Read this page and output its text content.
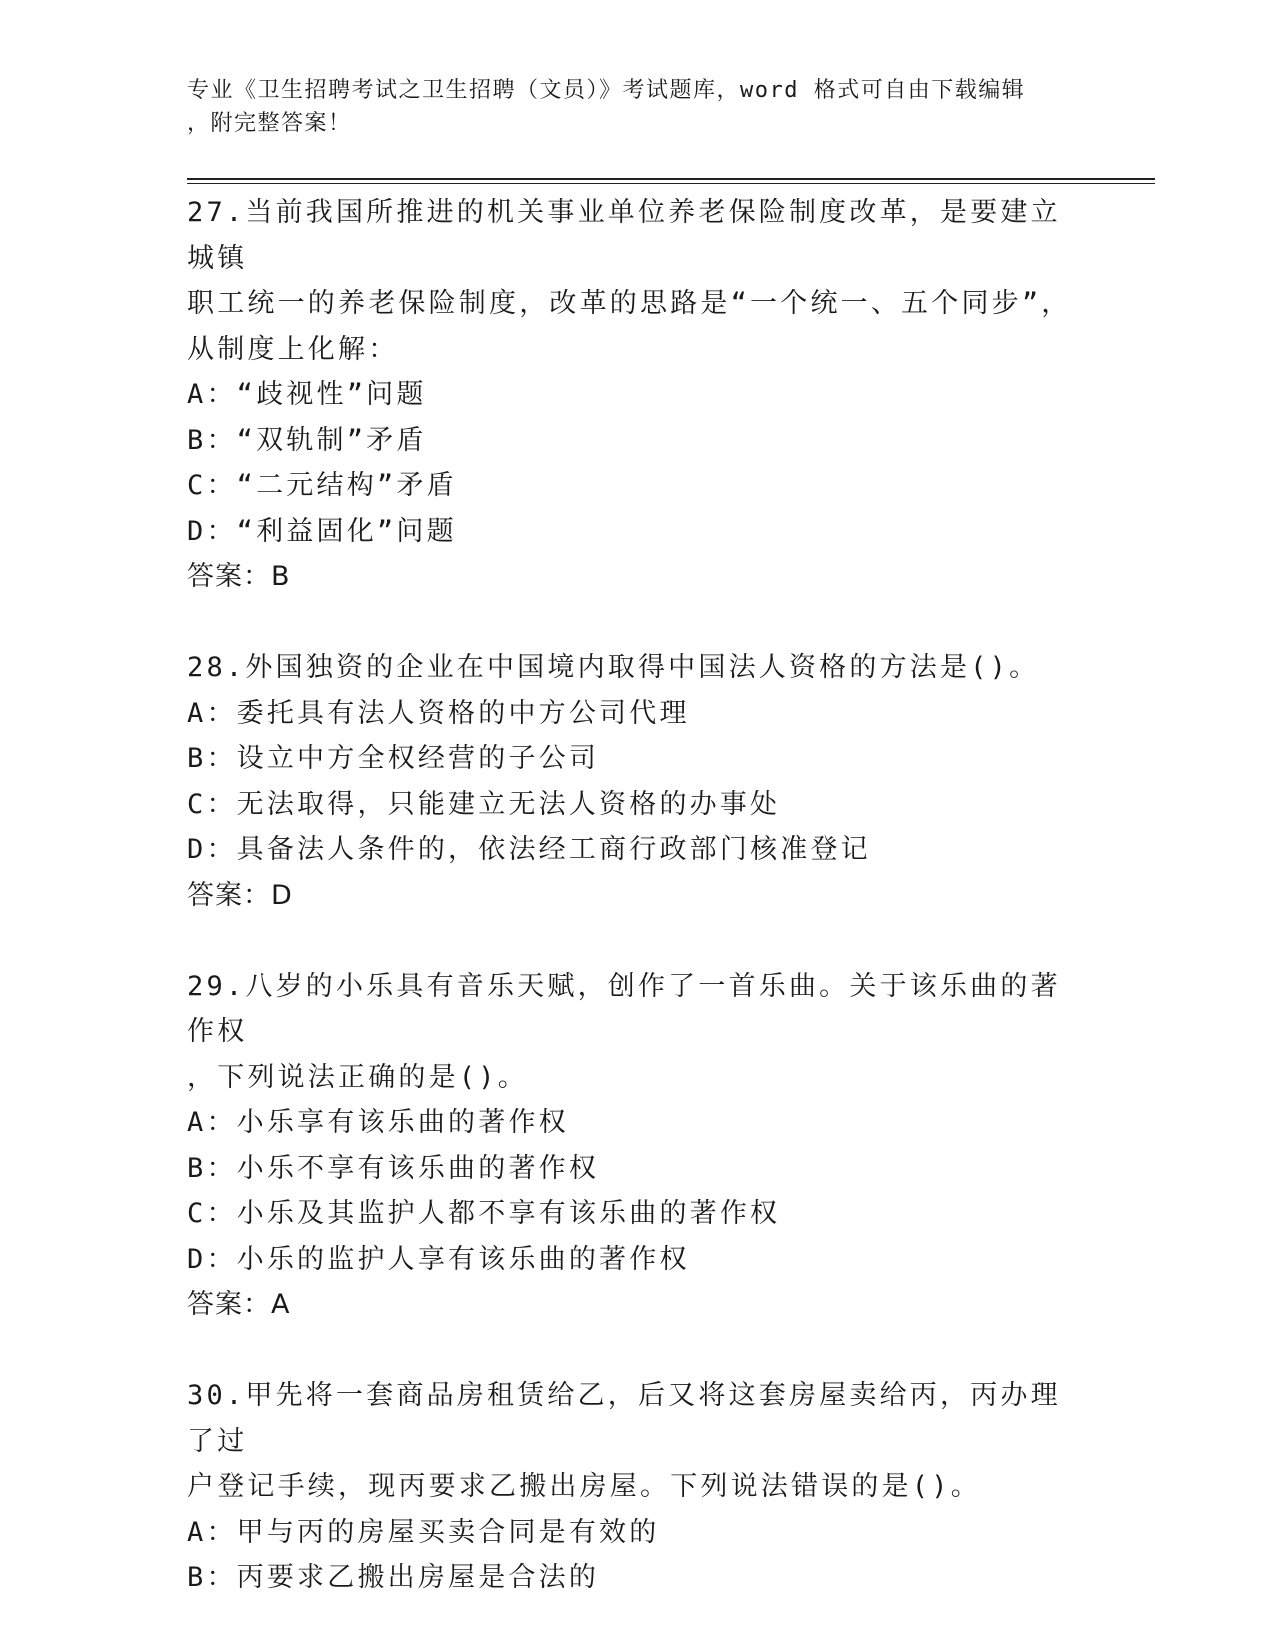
专业《卫生招聘考试之卫生招聘（文员）》考试题库，word 格式可自由下载编辑
，附完整答案！
27.当前我国所推进的机关事业单位养老保险制度改革，是要建立城镇
职工统一的养老保险制度，改革的思路是“一个统一、五个同步”，
从制度上化解：
A：“歧视性”问题
B：“双轨制”矛盾
C：“二元结构”矛盾
D：“利益固化”问题
答案：B
28.外国独资的企业在中国境内取得中国法人资格的方法是()。
A：委托具有法人资格的中方公司代理
B：设立中方全权经营的子公司
C：无法取得，只能建立无法人资格的办事处
D：具备法人条件的，依法经工商行政部门核准登记
答案：D
29.八岁的小乐具有音乐天赋，创作了一首乐曲。关于该乐曲的著作权
，下列说法正确的是()。
A：小乐享有该乐曲的著作权
B：小乐不享有该乐曲的著作权
C：小乐及其监护人都不享有该乐曲的著作权
D：小乐的监护人享有该乐曲的著作权
答案：A
30.甲先将一套商品房租赁给乙，后又将这套房屋卖给丙，丙办理了过
户登记手续，现丙要求乙搬出房屋。下列说法错误的是()。
A：甲与丙的房屋买卖合同是有效的
B：丙要求乙搬出房屋是合法的
